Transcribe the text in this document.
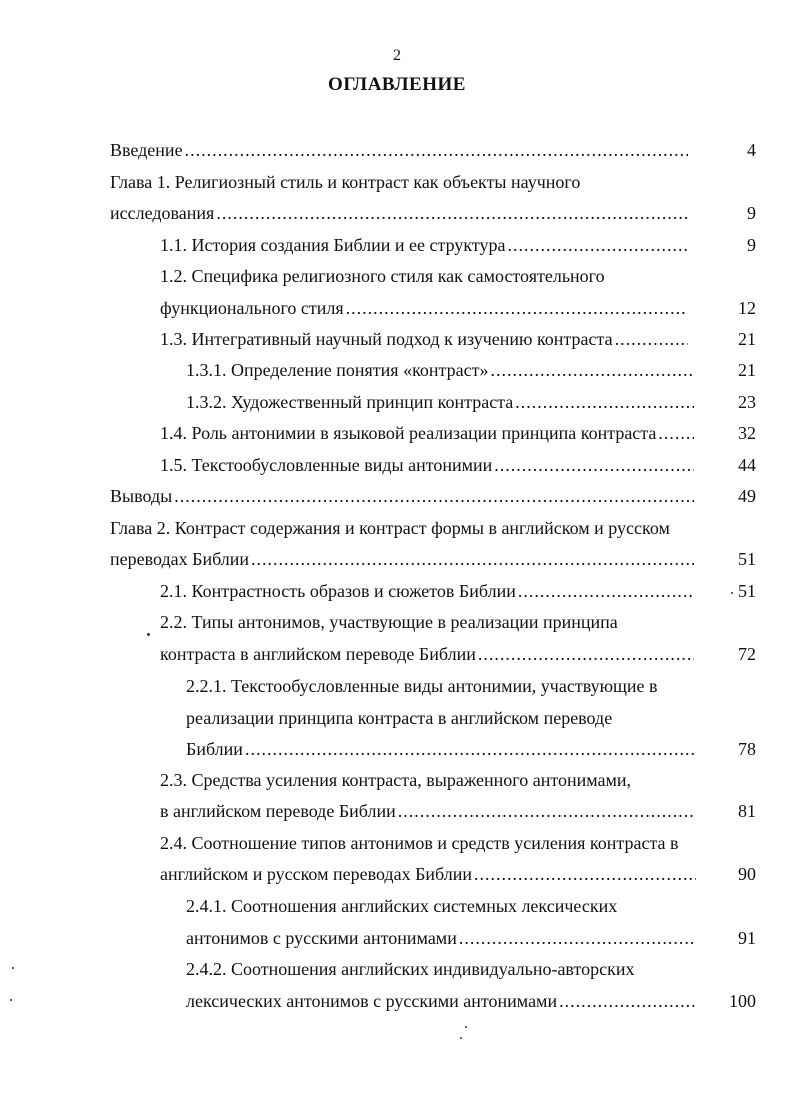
2
ОГЛАВЛЕНИЕ
Введение .....	4
Глава 1. Религиозный стиль и контраст как объекты научного
исследования .....	9
1.1. История создания Библии и ее структура .....	9
1.2. Специфика религиозного стиля как самостоятельного
функционального стиля .....	12
1.3. Интегративный научный подход к изучению контраста .....	21
1.3.1. Определение понятия «контраст» .....	21
1.3.2. Художественный принцип контраста .....	23
1.4. Роль антонимии в языковой реализации принципа контраста .....	32
1.5. Текстообусловленные виды антонимии .....	44
Выводы .....	49
Глава 2. Контраст содержания и контраст формы в английском и русском
переводах Библии .....	51
2.1. Контрастность образов и сюжетов Библии .....	51
2.2. Типы антонимов, участвующие в реализации принципа
контраста в английском переводе Библии .....	72
2.2.1. Текстообусловленные виды антонимии, участвующие в
реализации принципа контраста в английском переводе
Библии .....	78
2.3. Средства усиления контраста, выраженного антонимами,
в английском переводе Библии .....	81
2.4. Соотношение типов антонимов и средств усиления контраста в
английском и русском переводах Библии .....	90
2.4.1. Соотношения английских системных лексических
антонимов с русскими антонимами .....	91
2.4.2. Соотношения английских индивидуально-авторских
лексических антонимов с русскими антонимами .....	100
